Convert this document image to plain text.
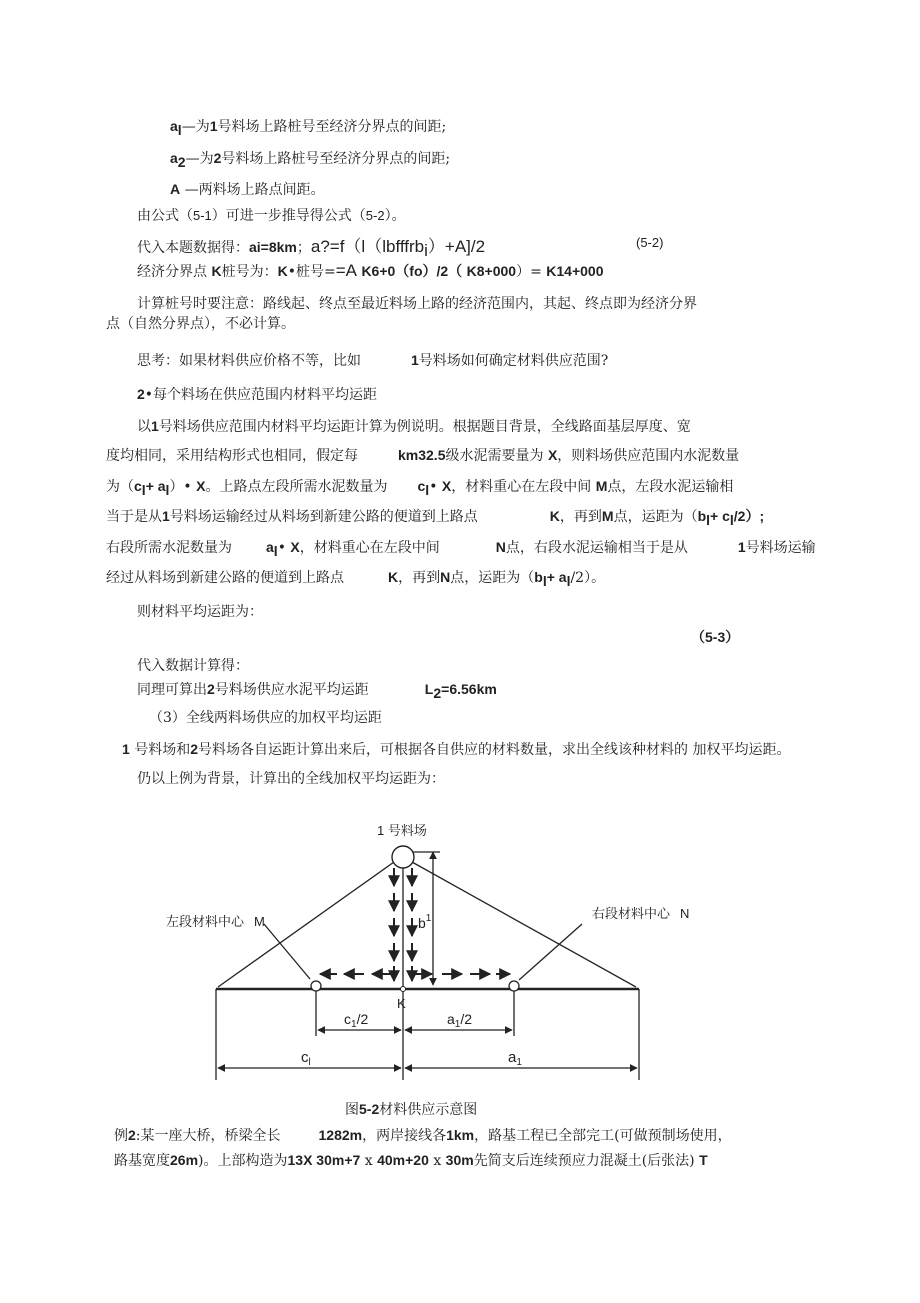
$a_l—$为1号料场上路桩号至经济分界点的间距;
$a_2—$为2号料场上路桩号至经济分界点的间距;
A —两料场上路点间距。
由公式（5-1）可进一步推导得公式（5-2）。
代入本题数据得：ai=8km；a?=f（l（lbfffrb$_i$）+A]/2	(5-2)
经济分界点 K桩号为：K•桩号==A K6+0（fo）/2（ K8+000）= K14+000
计算桩号时要注意：路线起、终点至最近料场上路的经济范围内，其起、终点即为经济分界
点（自然分界点），不必计算。
思考：如果材料供应价格不等，比如	1号料场如何确定材料供应范围?
2•每个料场在供应范围内材料平均运距
以1号料场供应范围内材料平均运距计算为例说明。根据题目背景，全线路面基层厚度、宽
度均相同，采用结构形式也相同，假定每	km32.5级水泥需要量为 X，则料场供应范围内水泥数量
为（$c_l+$ $a_l)•$ X。上路点左段所需水泥数量为 $c_l•$ X，材料重心在左段中间 M点，左段水泥运输相
当于是从1号料场运输经过从料场到新建公路的便道到上路点	K，再到M点，运距为$(b_l+ c_l/2)$;
右段所需水泥数量为 $a_l•$ X，材料重心在左段中间	N点，右段水泥运输相当于是从	1号料场运输
经过从料场到新建公路的便道到上路点	K，再到N点，运距为$(b_l+ a_l/2)$。
则材料平均运距为：
（5-3）
代入数据计算得：
同理可算出2号料场供应水泥平均运距	$L_2=6.56km$
（3）全线两料场供应的加权平均运距
1 号料场和2号料场各自运距计算出来后，可根据各自供应的材料数量，求出全线该种材料的 加权平均运距。
仍以上例为背景，计算出的全线加权平均运距为：
1 号料场
左段材料中心 M
右段材料中心 N
$b^1$
K
$c_1/2$	$a_1/2$
$c_l$	$a_1$
图5-2材料供应示意图
例2:某一座大桥，桥梁全长	1282m，两岸接线各1km，路基工程已全部完工(可做预制场使用，
路基宽度26m)。上部构造为13X 30m+7 x 40m+20 x 30m先简支后连续预应力混凝土(后张法) T
